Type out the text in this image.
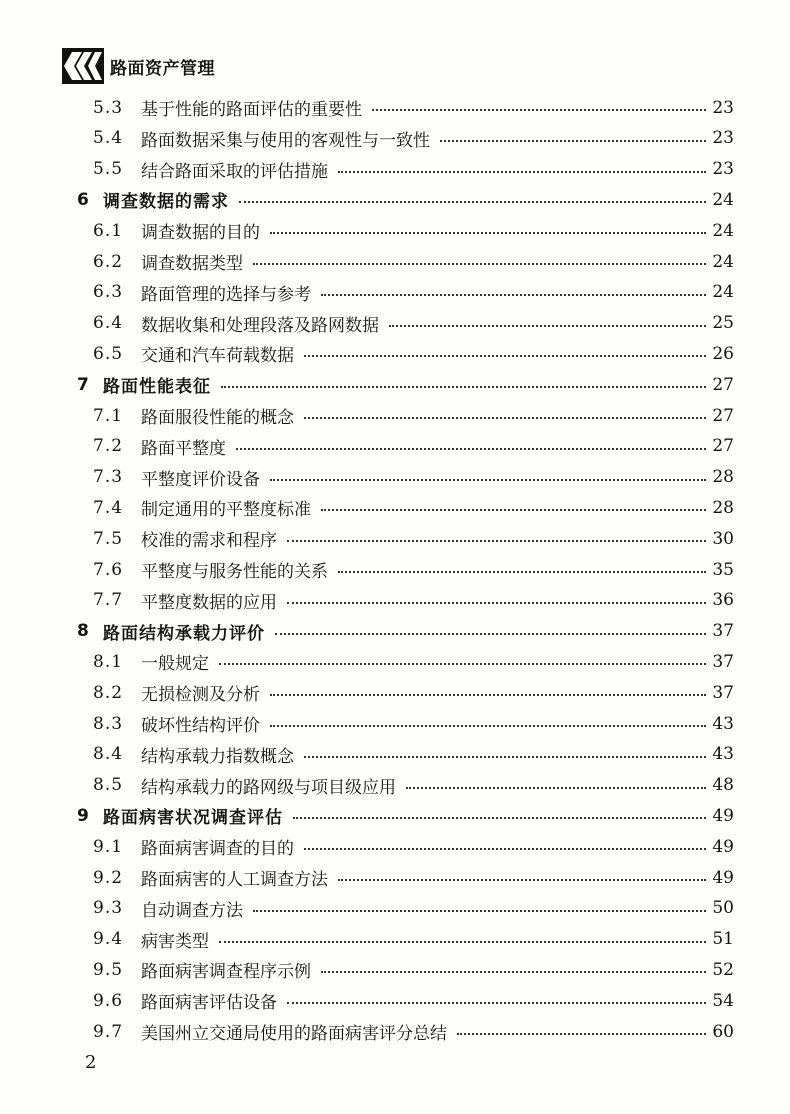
路面资产管理
5.3 基于性能的路面评估的重要性	23
5.4 路面数据采集与使用的客观性与一致性	23
5.5 结合路面采取的评估措施	23
6 调查数据的需求	24
6.1 调查数据的目的	24
6.2 调查数据类型	24
6.3 路面管理的选择与参考	24
6.4 数据收集和处理段落及路网数据	25
6.5 交通和汽车荷载数据	26
7 路面性能表征	27
7.1 路面服役性能的概念	27
7.2 路面平整度	27
7.3 平整度评价设备	28
7.4 制定通用的平整度标准	28
7.5 校准的需求和程序	30
7.6 平整度与服务性能的关系	35
7.7 平整度数据的应用	36
8 路面结构承载力评价	37
8.1 一般规定	37
8.2 无损检测及分析	37
8.3 破坏性结构评价	43
8.4 结构承载力指数概念	43
8.5 结构承载力的路网级与项目级应用	48
9 路面病害状况调查评估	49
9.1 路面病害调查的目的	49
9.2 路面病害的人工调查方法	49
9.3 自动调查方法	50
9.4 病害类型	51
9.5 路面病害调查程序示例	52
9.6 路面病害评估设备	54
9.7 美国州立交通局使用的路面病害评分总结	60
2
